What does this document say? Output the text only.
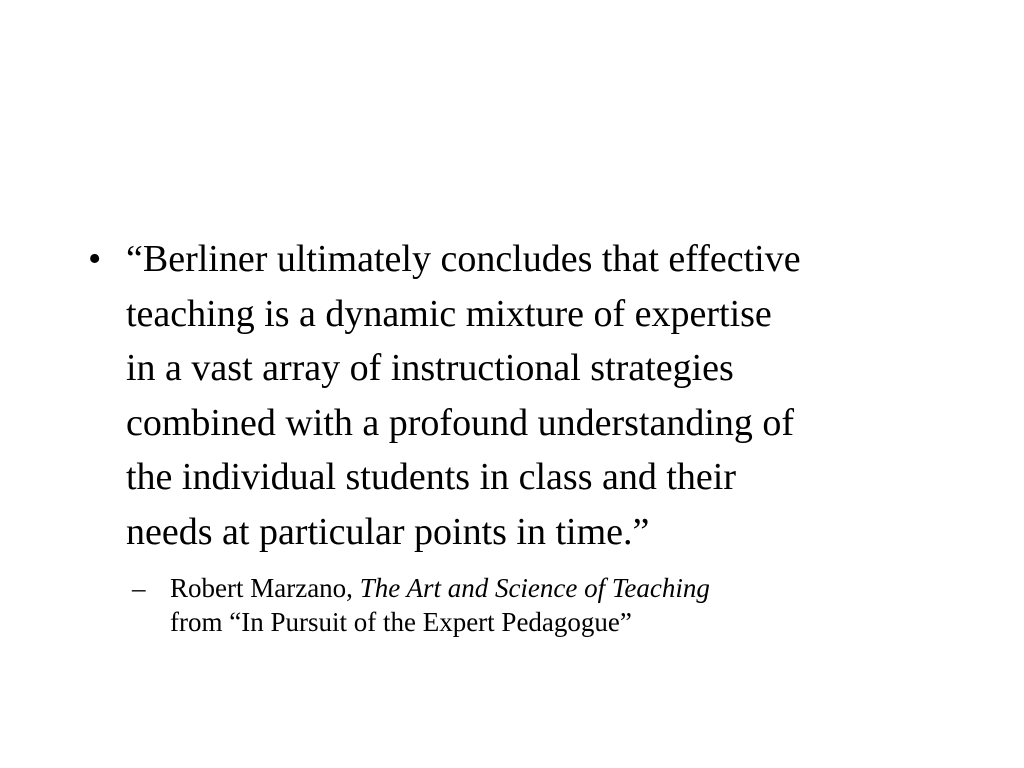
• “Berliner ultimately concludes that effective
teaching is a dynamic mixture of expertise
in a vast array of instructional strategies
combined with a profound understanding of
the individual students in class and their
needs at particular points in time.”
– Robert Marzano, The Art and Science of Teaching
from “In Pursuit of the Expert Pedagogue”
